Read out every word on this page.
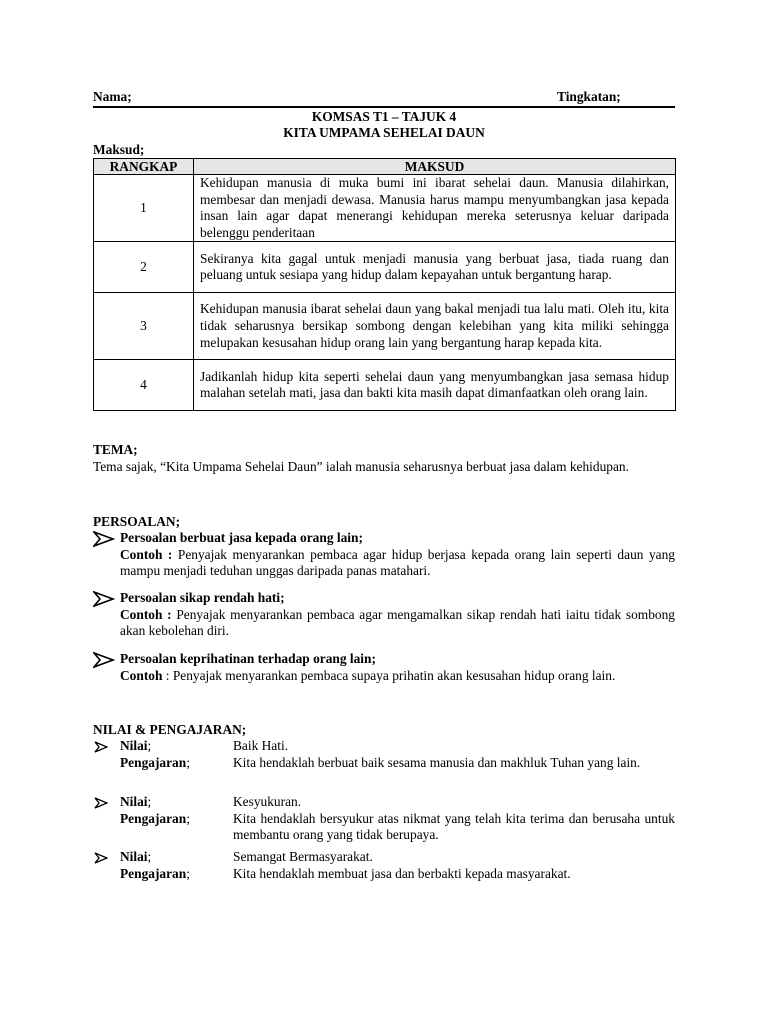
Nama;	Tingkatan;
KOMSAS T1 – TAJUK 4
KITA UMPAMA SEHELAI DAUN
Maksud;
RANGKAP	MAKSUD
1	Kehidupan manusia di muka bumi ini ibarat sehelai daun. Manusia dilahirkan, membesar dan menjadi dewasa. Manusia harus mampu menyumbangkan jasa kepada insan lain agar dapat menerangi kehidupan mereka seterusnya keluar daripada belenggu penderitaan
2	Sekiranya kita gagal untuk menjadi manusia yang berbuat jasa, tiada ruang dan peluang untuk sesiapa yang hidup dalam kepayahan untuk bergantung harap.
3	Kehidupan manusia ibarat sehelai daun yang bakal menjadi tua lalu mati. Oleh itu, kita tidak seharusnya bersikap sombong dengan kelebihan yang kita miliki sehingga melupakan kesusahan hidup orang lain yang bergantung harap kepada kita.
4	Jadikanlah hidup kita seperti sehelai daun yang menyumbangkan jasa semasa hidup malahan setelah mati, jasa dan bakti kita masih dapat dimanfaatkan oleh orang lain.
TEMA;
Tema sajak, “Kita Umpama Sehelai Daun” ialah manusia seharusnya berbuat jasa dalam kehidupan.
PERSOALAN;
Persoalan berbuat jasa kepada orang lain;
Contoh : Penyajak menyarankan pembaca agar hidup berjasa kepada orang lain seperti daun yang mampu menjadi teduhan unggas daripada panas matahari.
Persoalan sikap rendah hati;
Contoh : Penyajak menyarankan pembaca agar mengamalkan sikap rendah hati iaitu tidak sombong akan kebolehan diri.
Persoalan keprihatinan terhadap orang lain;
Contoh : Penyajak menyarankan pembaca supaya prihatin akan kesusahan hidup orang lain.
NILAI & PENGAJARAN;
Nilai;	Baik Hati.
Pengajaran;	Kita hendaklah berbuat baik sesama manusia dan makhluk Tuhan yang lain.
Nilai;	Kesyukuran.
Pengajaran;	Kita hendaklah bersyukur atas nikmat yang telah kita terima dan berusaha untuk membantu orang yang tidak berupaya.
Nilai;	Semangat Bermasyarakat.
Pengajaran;	Kita hendaklah membuat jasa dan berbakti kepada masyarakat.
